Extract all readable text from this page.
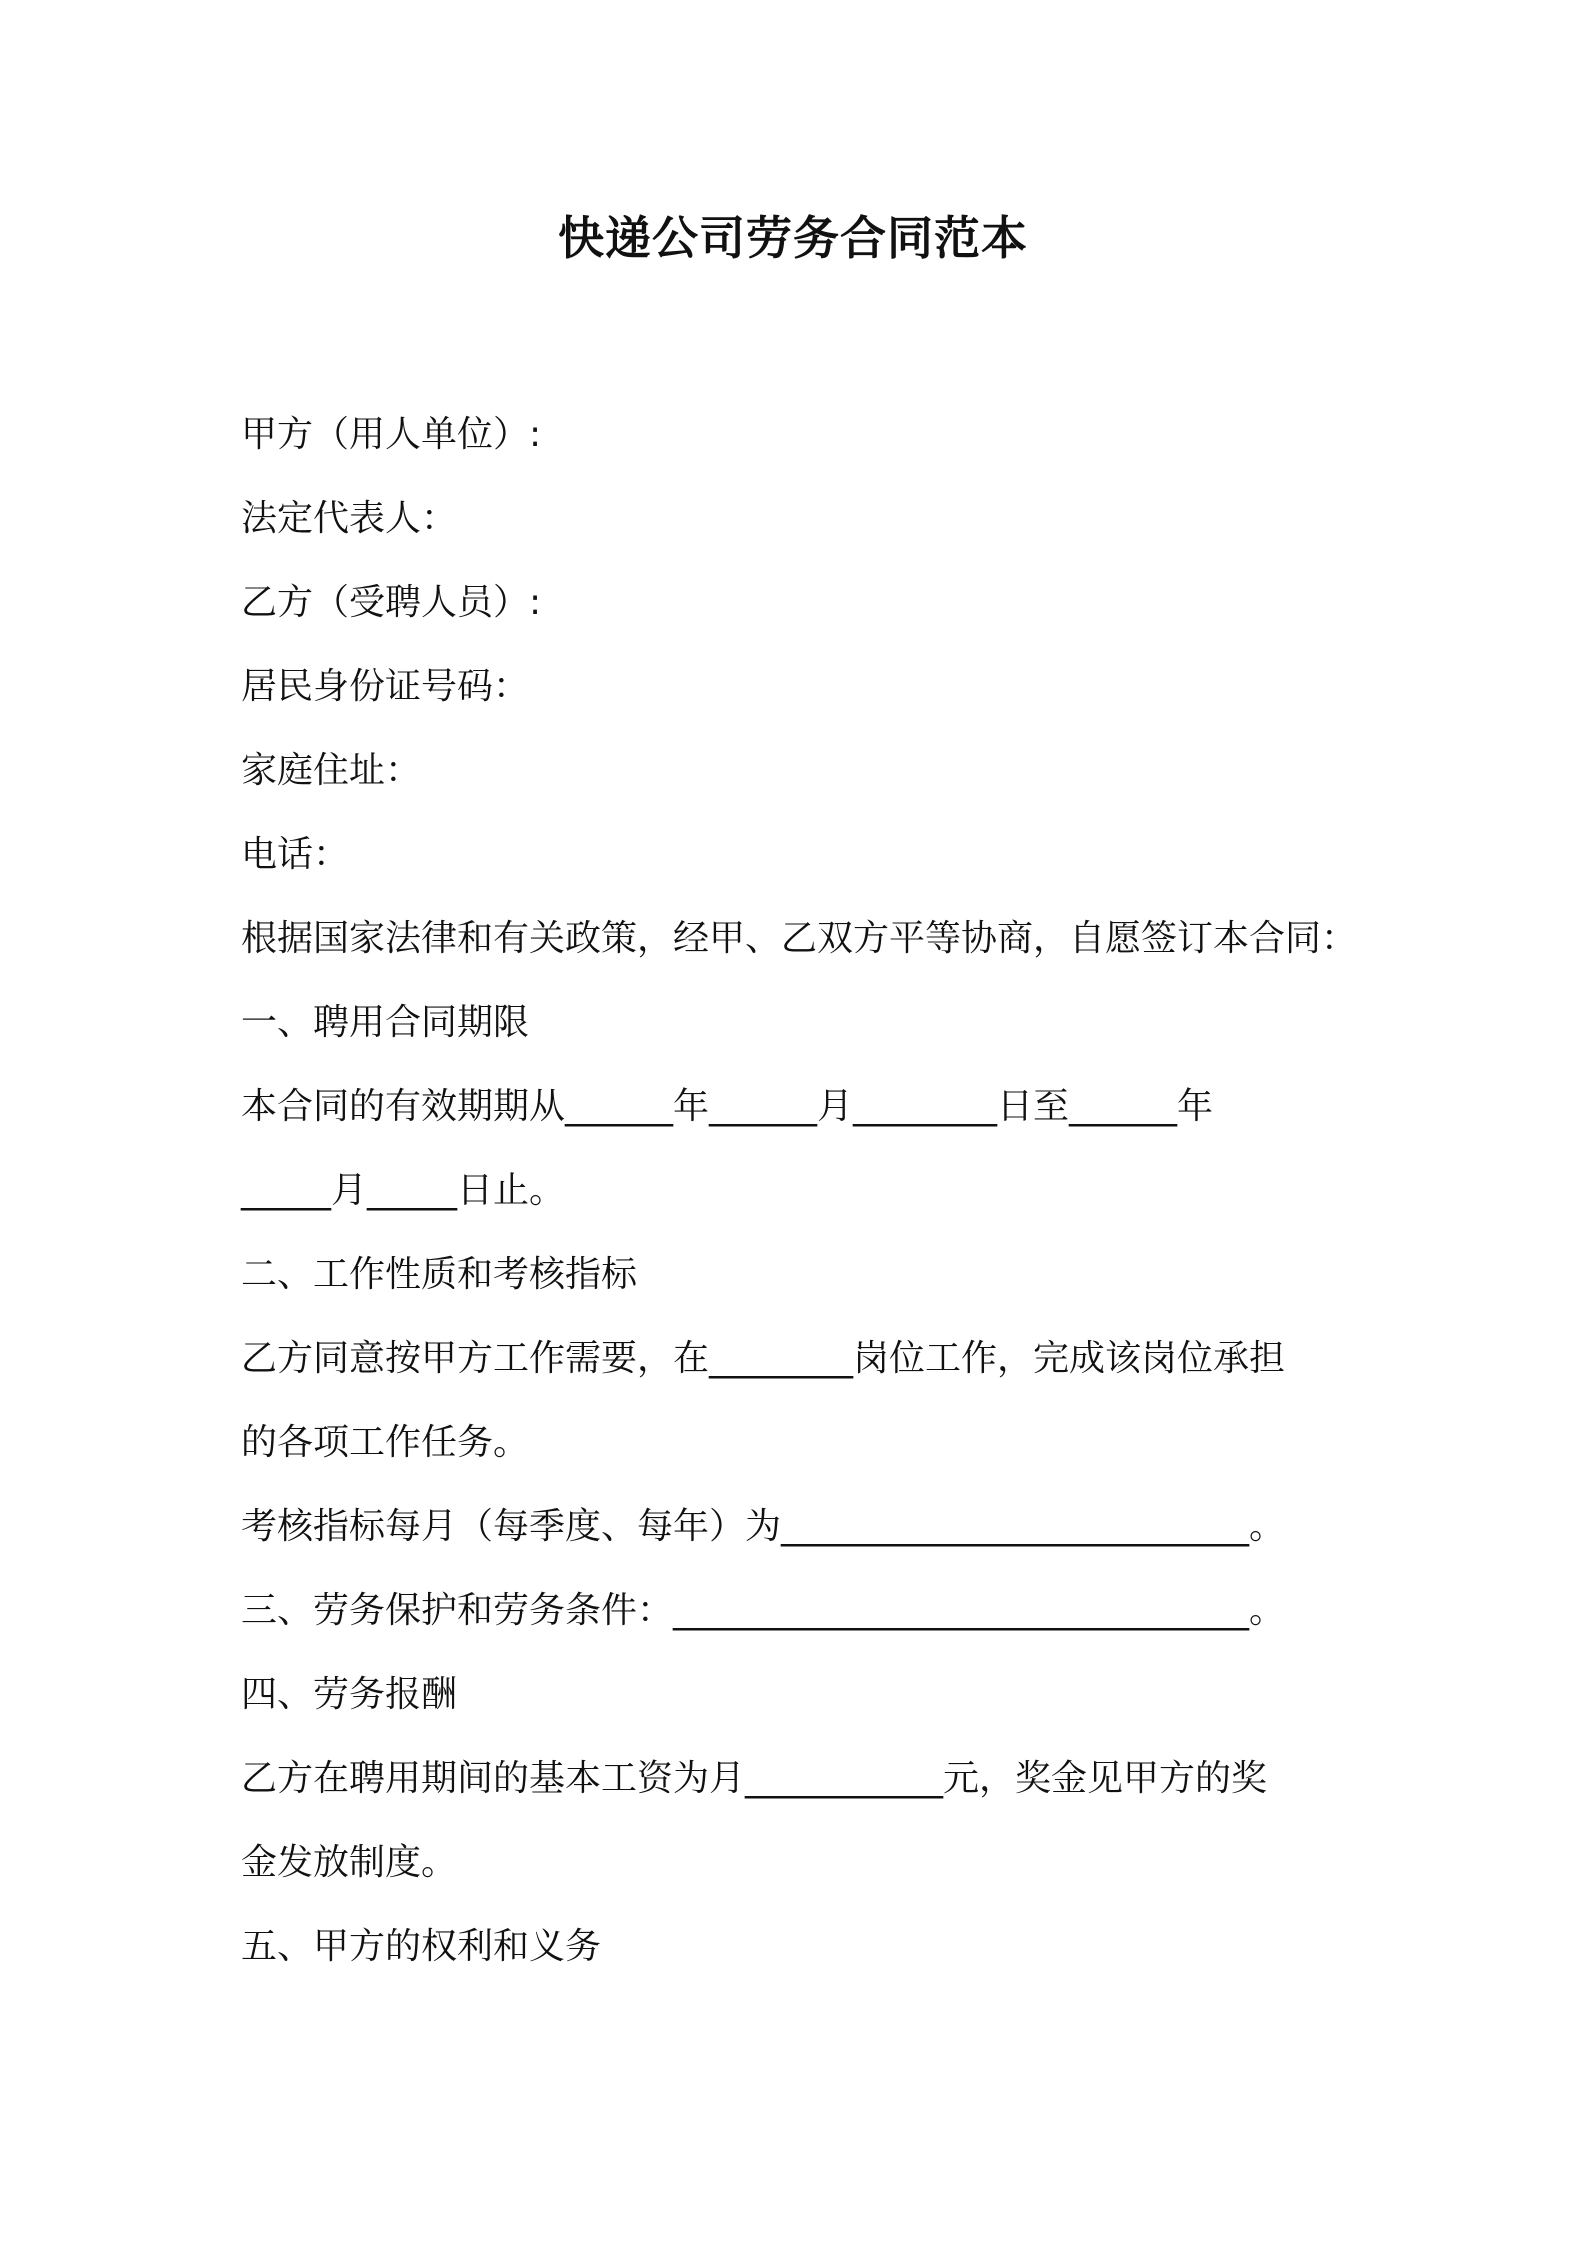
快递公司劳务合同范本
甲方（用人单位）:
法定代表人：
乙方（受聘人员）:
居民身份证号码：
家庭住址：
电话：
根据国家法律和有关政策，经甲、乙双方平等协商，自愿签订本合同：
一、聘用合同期限
本合同的有效期期从______年______月________日至______年
_____月_____日止。
二、工作性质和考核指标
乙方同意按甲方工作需要，在________岗位工作，完成该岗位承担
的各项工作任务。
考核指标每月（每季度、每年）为__________________________。
三、劳务保护和劳务条件：________________________________。
四、劳务报酬
乙方在聘用期间的基本工资为月___________元，奖金见甲方的奖
金发放制度。
五、甲方的权利和义务
